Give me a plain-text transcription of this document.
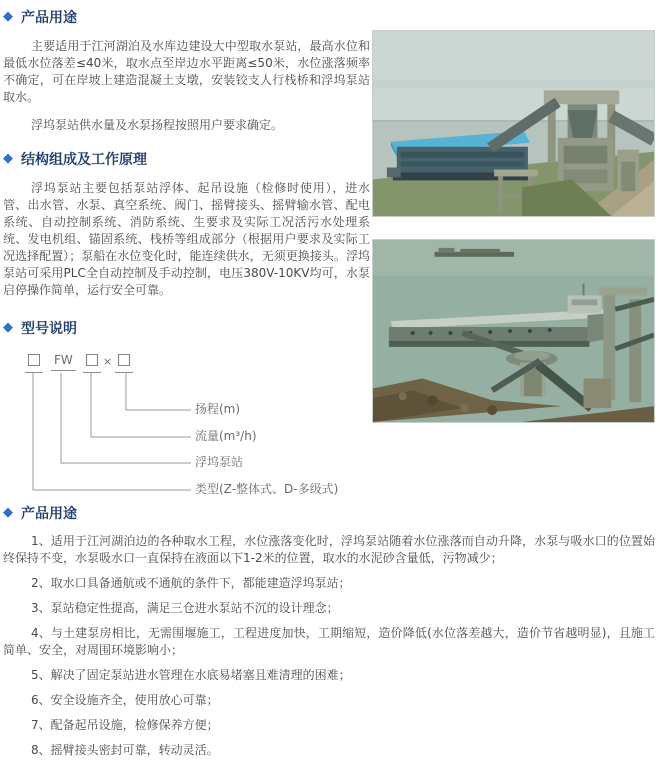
◆ 产品用途

主要适用于江河湖泊及水库边建设大中型取水泵站，最高水位和最低水位落差≤40米，取水点至岸边水平距离≤50米，水位涨落频率不确定，可在岸坡上建造混凝土支墩，安装铰支人行栈桥和浮坞泵站取水。

浮坞泵站供水量及水泵扬程按照用户要求确定。

◆ 结构组成及工作原理

浮坞泵站主要包括泵站浮体、起吊设施（检修时使用），进水管、出水管、水泵、真空系统、阀门、摇臂接头、摇臂输水管、配电系统、自动控制系统、消防系统、生要求及实际工况活污水处理系统、发电机组、锚固系统、栈桥等组成部分（根据用户要求及实际工况选择配置）；泵船在水位变化时，能连续供水，无须更换接头。浮坞泵站可采用PLC全自动控制及手动控制，电压380V-10KV均可，水泵启停操作简单，运行安全可靠。

◆ 型号说明
FW	×
扬程(m)
流量(m³/h)
浮坞泵站
类型(Z-整体式、D-多级式)
◆ 产品用途

1、适用于江河湖泊边的各种取水工程，水位涨落变化时，浮坞泵站随着水位涨落而自动升降，水泵与吸水口的位置始终保持不变，水泵吸水口一直保持在液面以下1-2米的位置，取水的水泥砂含量低，污物减少；

2、取水口具备通航或不通航的条件下，都能建造浮坞泵站；

3、泵站稳定性提高，满足三仓进水泵站不沉的设计理念；

4、与土建泵房相比，无需围堰施工，工程进度加快，工期缩短，造价降低(水位落差越大，造价节省越明显)，且施工简单、安全，对周围环境影响小；

5、解决了固定泵站进水管理在水底易堵塞且难清理的困难；

6、安全设施齐全，使用放心可靠；

7、配备起吊设施，检修保养方便；

8、摇臂接头密封可靠，转动灵活。
